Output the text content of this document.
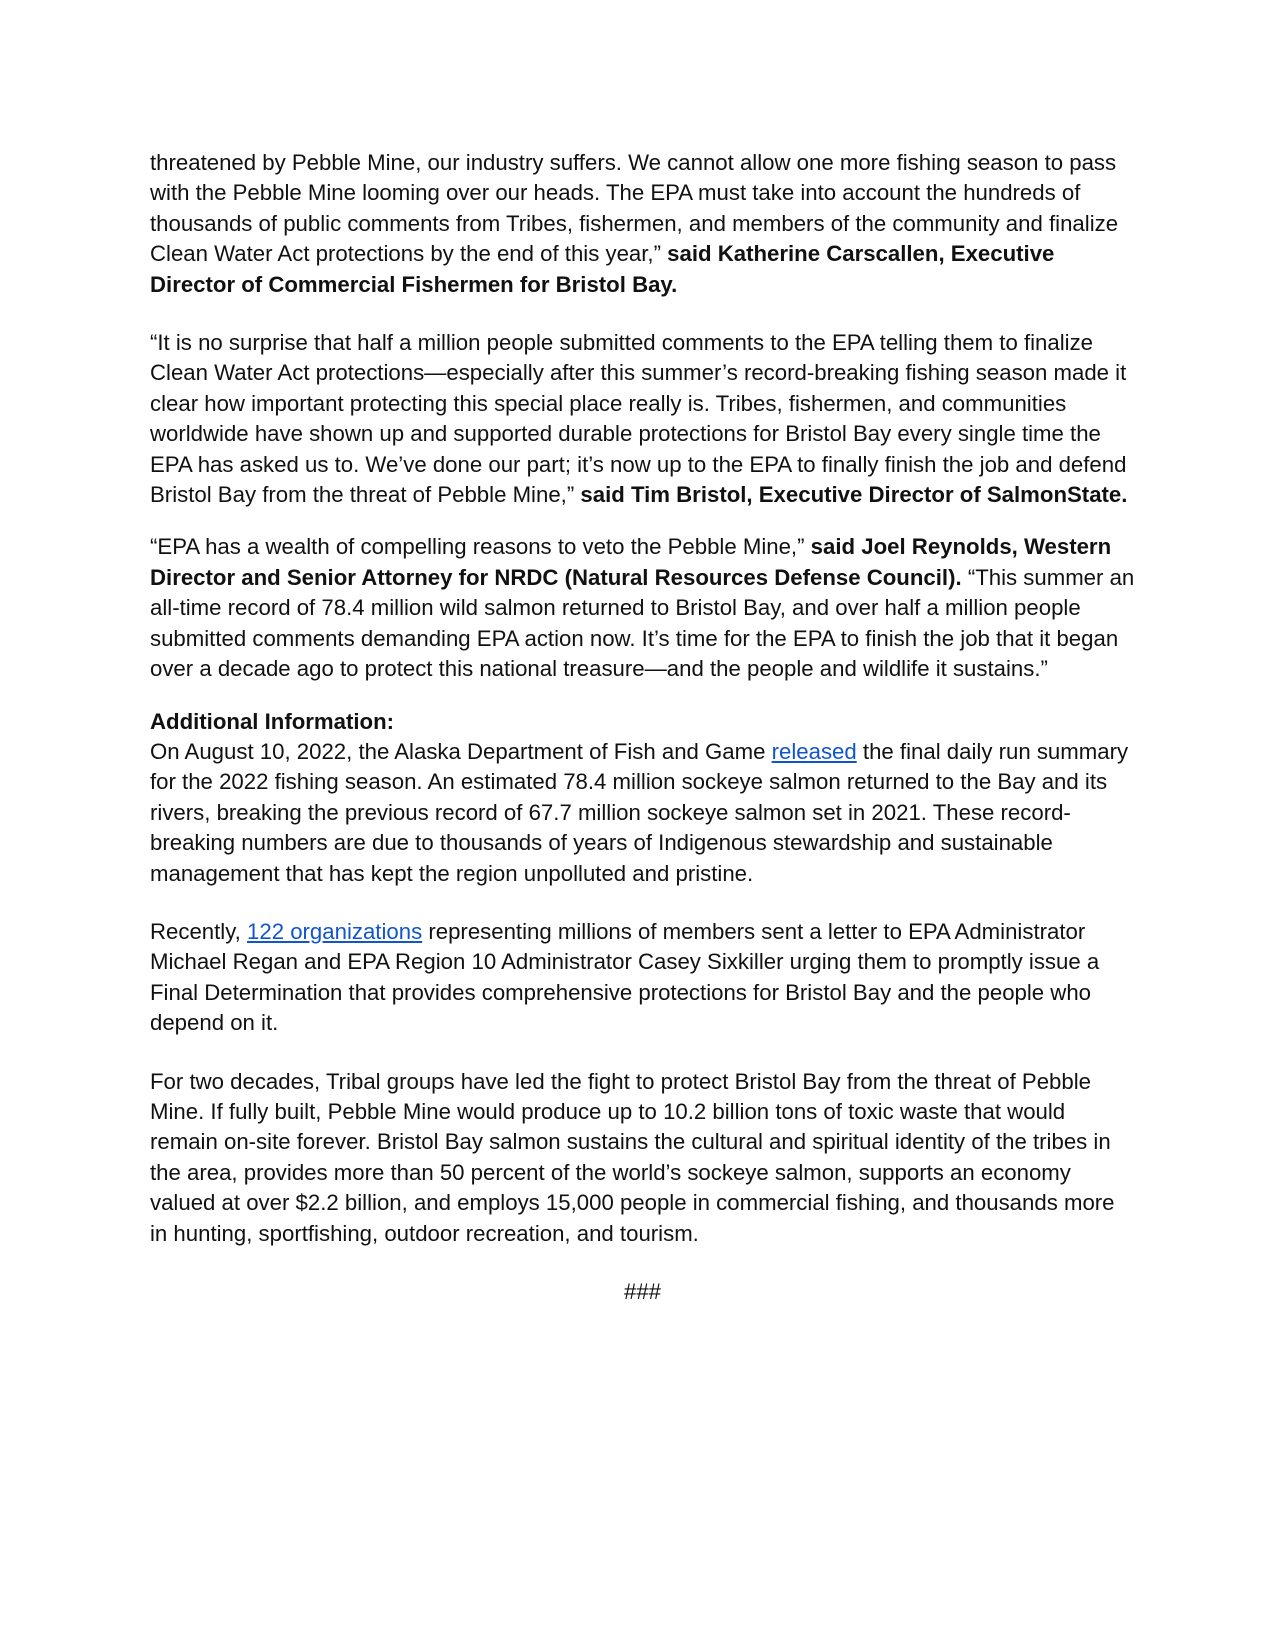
threatened by Pebble Mine, our industry suffers. We cannot allow one more fishing season to pass with the Pebble Mine looming over our heads. The EPA must take into account the hundreds of thousands of public comments from Tribes, fishermen, and members of the community and finalize Clean Water Act protections by the end of this year,” said Katherine Carscallen, Executive Director of Commercial Fishermen for Bristol Bay.

“It is no surprise that half a million people submitted comments to the EPA telling them to finalize Clean Water Act protections—especially after this summer’s record-breaking fishing season made it clear how important protecting this special place really is. Tribes, fishermen, and communities worldwide have shown up and supported durable protections for Bristol Bay every single time the EPA has asked us to. We’ve done our part; it’s now up to the EPA to finally finish the job and defend Bristol Bay from the threat of Pebble Mine,” said Tim Bristol, Executive Director of SalmonState.

“EPA has a wealth of compelling reasons to veto the Pebble Mine,” said Joel Reynolds, Western Director and Senior Attorney for NRDC (Natural Resources Defense Council). “This summer an all-time record of 78.4 million wild salmon returned to Bristol Bay, and over half a million people submitted comments demanding EPA action now. It’s time for the EPA to finish the job that it began over a decade ago to protect this national treasure—and the people and wildlife it sustains.”

Additional Information:
On August 10, 2022, the Alaska Department of Fish and Game released the final daily run summary for the 2022 fishing season. An estimated 78.4 million sockeye salmon returned to the Bay and its rivers, breaking the previous record of 67.7 million sockeye salmon set in 2021. These record-breaking numbers are due to thousands of years of Indigenous stewardship and sustainable management that has kept the region unpolluted and pristine.

Recently, 122 organizations representing millions of members sent a letter to EPA Administrator Michael Regan and EPA Region 10 Administrator Casey Sixkiller urging them to promptly issue a Final Determination that provides comprehensive protections for Bristol Bay and the people who depend on it.

For two decades, Tribal groups have led the fight to protect Bristol Bay from the threat of Pebble Mine. If fully built, Pebble Mine would produce up to 10.2 billion tons of toxic waste that would remain on-site forever. Bristol Bay salmon sustains the cultural and spiritual identity of the tribes in the area, provides more than 50 percent of the world’s sockeye salmon, supports an economy valued at over $2.2 billion, and employs 15,000 people in commercial fishing, and thousands more in hunting, sportfishing, outdoor recreation, and tourism.

###
